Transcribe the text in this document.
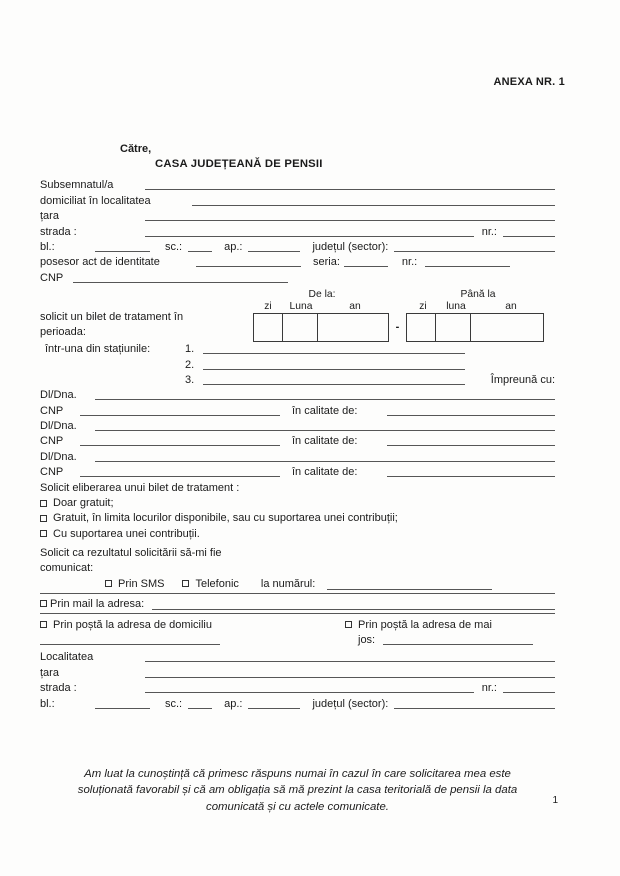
ANEXA NR. 1
1
Către,
CASA JUDEȚEANĂ DE PENSII
Subsemnatul/a
domiciliat în localitatea
țara
strada :	nr.:
bl.:	sc.:	ap.:	județul (sector):
posesor act de identitate	seria:	nr.:
CNP
solicit un bilet de tratament în
perioada:
De la:	Până la
zi	Luna	an	zi	luna	an
-
într-una din stațiunile:	1.
2.
3.	Împreună cu:
Dl/Dna.
CNP	în calitate de:
Dl/Dna.
CNP	în calitate de:
Dl/Dna.
CNP	în calitate de:
Solicit eliberarea unui bilet de tratament :
Doar gratuit;
Gratuit, în limita locurilor disponibile, sau cu suportarea unei contribuții;
Cu suportarea unei contribuții.
Solicit ca rezultatul solicitării să-mi fie
comunicat:
Prin SMS	Telefonic la numărul:
Prin mail la adresa:
Prin poștă la adresa de domiciliu	Prin poștă la adresa de mai
jos:
Localitatea
țara
strada :	nr.:
bl.:	sc.:	ap.:	județul (sector):
Am luat la cunoștință că primesc răspuns numai în cazul în care solicitarea mea este soluționată favorabil și că am obligația să mă prezint la casa teritorială de pensii la data comunicată și cu actele comunicate.
